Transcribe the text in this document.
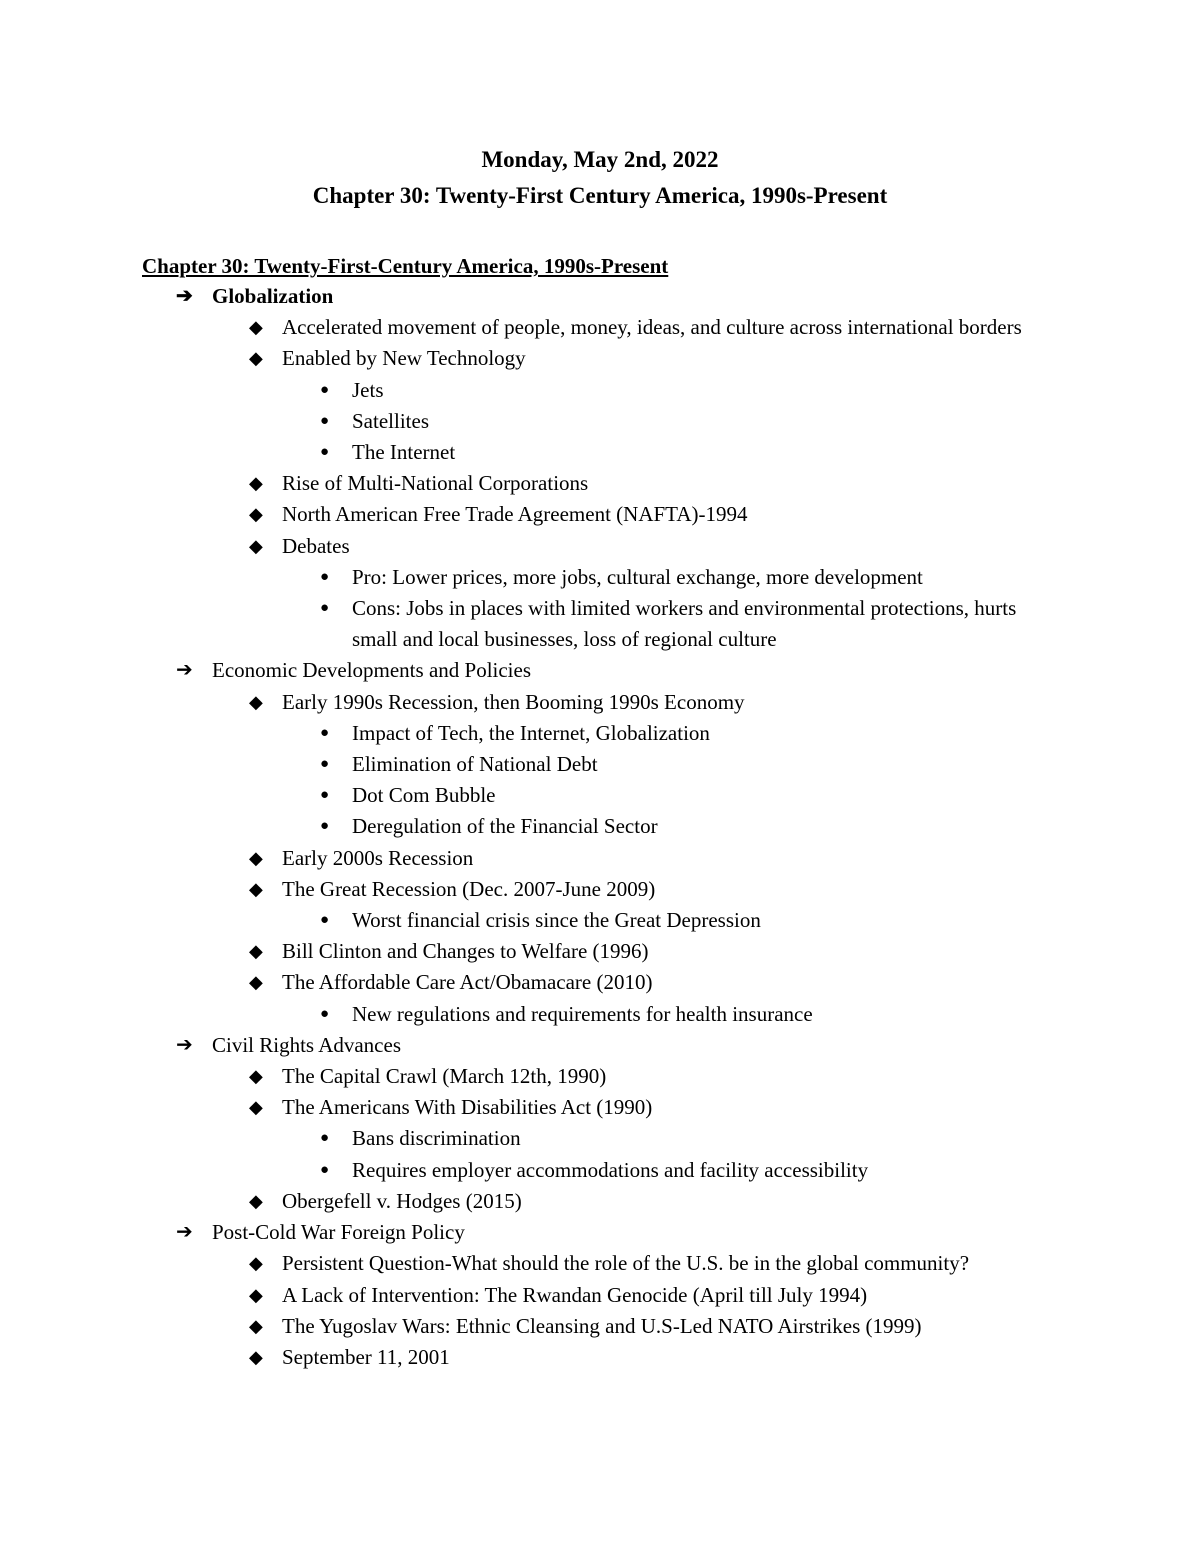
Monday, May 2nd, 2022

Chapter 30: Twenty-First Century America, 1990s-Present

Chapter 30: Twenty-First-Century America, 1990s-Present

➔ Globalization
◆ Accelerated movement of people, money, ideas, and culture across international borders
◆ Enabled by New Technology
● Jets
● Satellites
● The Internet
◆ Rise of Multi-National Corporations
◆ North American Free Trade Agreement (NAFTA)-1994
◆ Debates
● Pro: Lower prices, more jobs, cultural exchange, more development
● Cons: Jobs in places with limited workers and environmental protections, hurts small and local businesses, loss of regional culture
➔ Economic Developments and Policies
◆ Early 1990s Recession, then Booming 1990s Economy
● Impact of Tech, the Internet, Globalization
● Elimination of National Debt
● Dot Com Bubble
● Deregulation of the Financial Sector
◆ Early 2000s Recession
◆ The Great Recession (Dec. 2007-June 2009)
● Worst financial crisis since the Great Depression
◆ Bill Clinton and Changes to Welfare (1996)
◆ The Affordable Care Act/Obamacare (2010)
● New regulations and requirements for health insurance
➔ Civil Rights Advances
◆ The Capital Crawl (March 12th, 1990)
◆ The Americans With Disabilities Act (1990)
● Bans discrimination
● Requires employer accommodations and facility accessibility
◆ Obergefell v. Hodges (2015)
➔ Post-Cold War Foreign Policy
◆ Persistent Question-What should the role of the U.S. be in the global community?
◆ A Lack of Intervention: The Rwandan Genocide (April till July 1994)
◆ The Yugoslav Wars: Ethnic Cleansing and U.S-Led NATO Airstrikes (1999)
◆ September 11, 2001
